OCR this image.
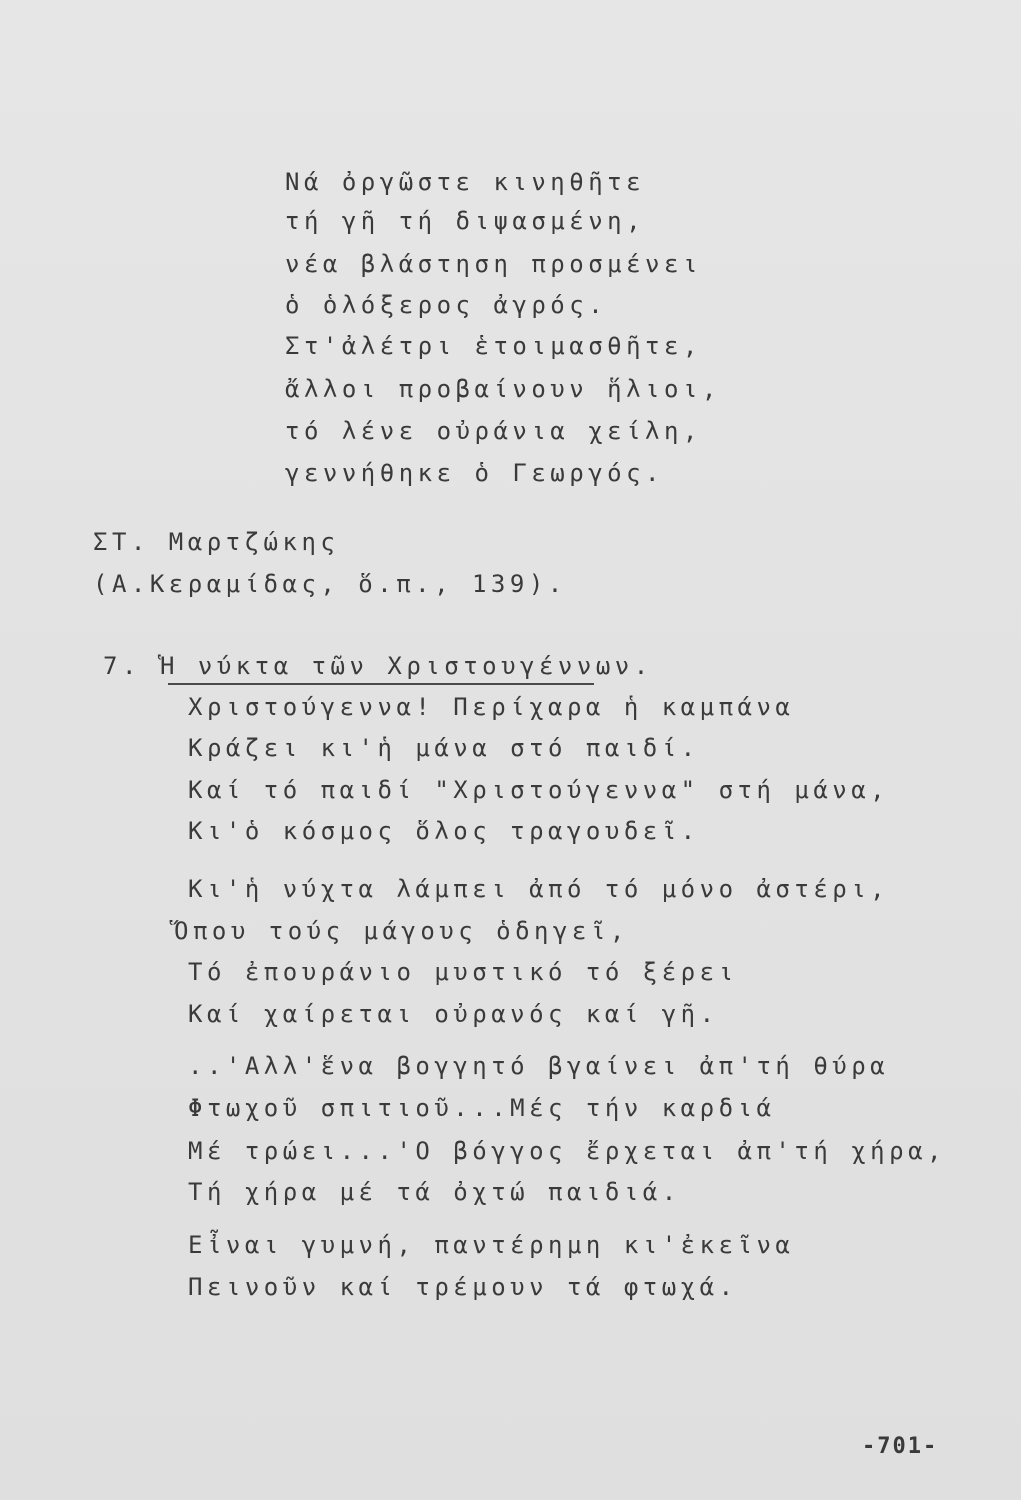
Νά ὀργῶστε κινηθῆτε
τή γῆ τή διψασμένη,
νέα βλάστηση προσμένει
ὁ ὁλόξερος ἀγρός.
Στ'ἀλέτρι ἑτοιμασθῆτε,
ἄλλοι προβαίνουν ἥλιοι,
τό λένε οὐράνια χείλη,
γεννήθηκε ὁ Γεωργός.
ΣΤ. Μαρτζώκης
(Α.Κεραμίδας, ὅ.π., 139).
7. Ἡ νύκτα τῶν Χριστουγέννων.
Χριστούγεννα! Περίχαρα ἡ καμπάνα
Κράζει κι'ἡ μάνα στό παιδί.
Καί τό παιδί "Χριστούγεννα" στή μάνα,
Κι'ὁ κόσμος ὅλος τραγουδεῖ.
Κι'ἡ νύχτα λάμπει ἀπό τό μόνο ἀστέρι,
Ὅπου τούς μάγους ὁδηγεῖ,
Τό ἐπουράνιο μυστικό τό ξέρει
Καί χαίρεται οὐρανός καί γῆ.
..'Αλλ'ἕνα βογγητό βγαίνει ἀπ'τή θύρα
Φτωχοῦ σπιτιοῦ...Μές τήν καρδιά
Μέ τρώει...'Ο βόγγος ἔρχεται ἀπ'τή χήρα,
Τή χήρα μέ τά ὀχτώ παιδιά.
Εἶναι γυμνή, παντέρημη κι'ἐκεῖνα
Πεινοῦν καί τρέμουν τά φτωχά.
-701-
